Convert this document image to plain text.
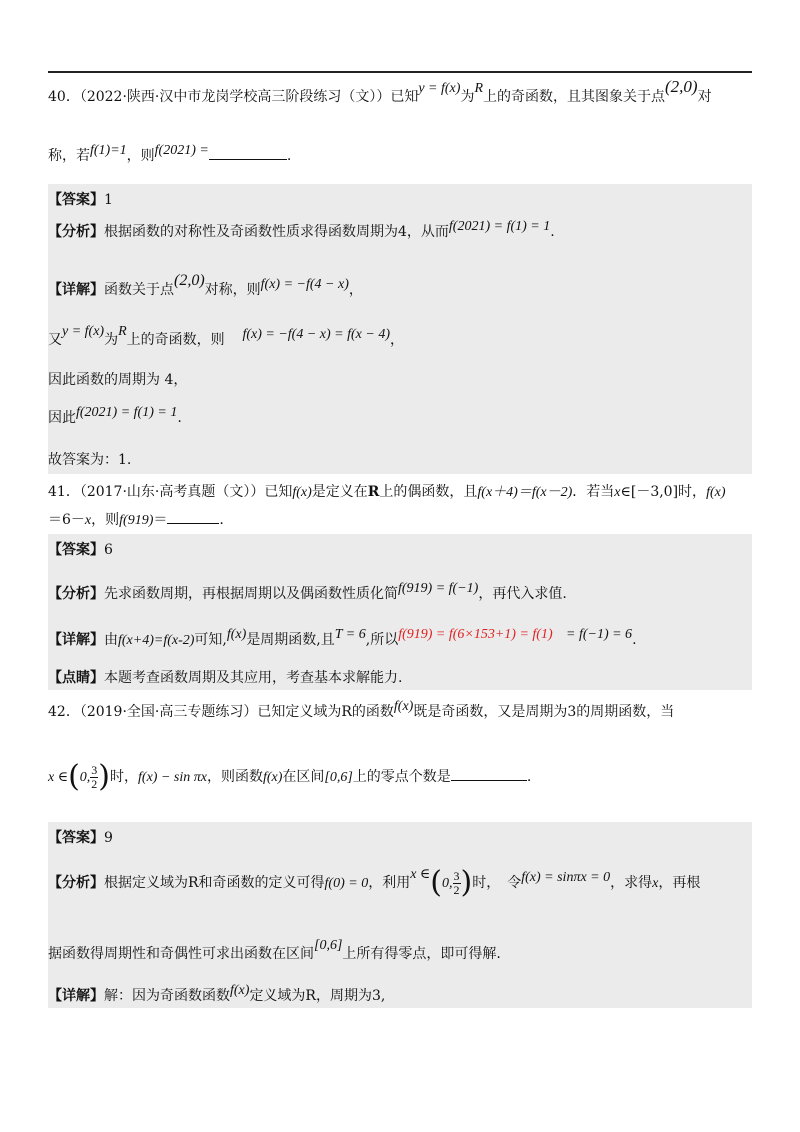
40．（2022·陕西·汉中市龙岗学校高三阶段练习（文））已知y = f(x)为R上的奇函数，且其图象关于点(2,0)对
称，若f(1)=1，则f(2021) =	.
【答案】1
【分析】根据函数的对称性及奇函数性质求得函数周期为4，从而f(2021) = f(1) = 1.
【详解】函数关于点(2,0)对称，则f(x) = −f(4 − x)，
又y = f(x)为R上的奇函数，则 f(x) = −f(4 − x) = f(x − 4)，
因此函数的周期为 4，
因此f(2021) = f(1) = 1.
故答案为：1.
41．（2017·山东·高考真题（文））已知f(x)是定义在R上的偶函数，且f(x＋4)＝f(x－2)．若当x∈[－3,0]时，f(x)
＝6－x，则f(919)＝	.
【答案】6
【分析】先求函数周期，再根据周期以及偶函数性质化简f(919) = f(−1)，再代入求值.
【详解】由f(x+4)=f(x-2)可知,f(x)是周期函数,且T = 6,所以f(919) = f(6×153+1) = f(1) = f(−1) = 6.
【点睛】本题考查函数周期及其应用，考查基本求解能力.
42．（2019·全国·高三专题练习）已知定义域为R的函数f(x)既是奇函数，又是周期为3的周期函数，当
x ∈(0, $\frac{3}{2}$ )时，f(x) − sin πx，则函数f(x)在区间[0,6]上的零点个数是	.
【答案】9
【分析】根据定义域为R和奇函数的定义可得f(0) = 0，利用x ∈(0, $\frac{3}{2}$ )时，　令f(x) = sinπx = 0，求得x，再根
据函数得周期性和奇偶性可求出函数在区间[0,6]上所有得零点，即可得解.
【详解】解：因为奇函数函数f(x)定义域为R，周期为3,
